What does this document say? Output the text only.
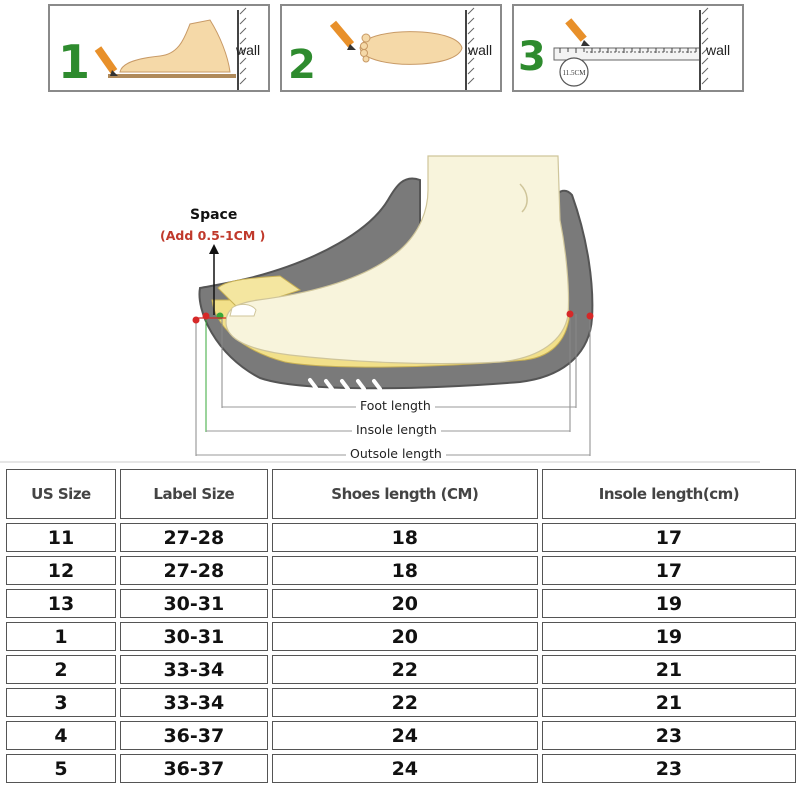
1	wall 2	wall 3	11.5CM
wall
Space
(Add 0.5-1CM )
Foot length
Insole length
Outsole length
US Size	Label Size	Shoes length (CM)	Insole length(cm)
11	27-28	18	17
12	27-28	18	17
13	30-31	20	19
1	30-31	20	19
2	33-34	22	21
3	33-34	22	21
4	36-37	24	23
5	36-37	24	23
